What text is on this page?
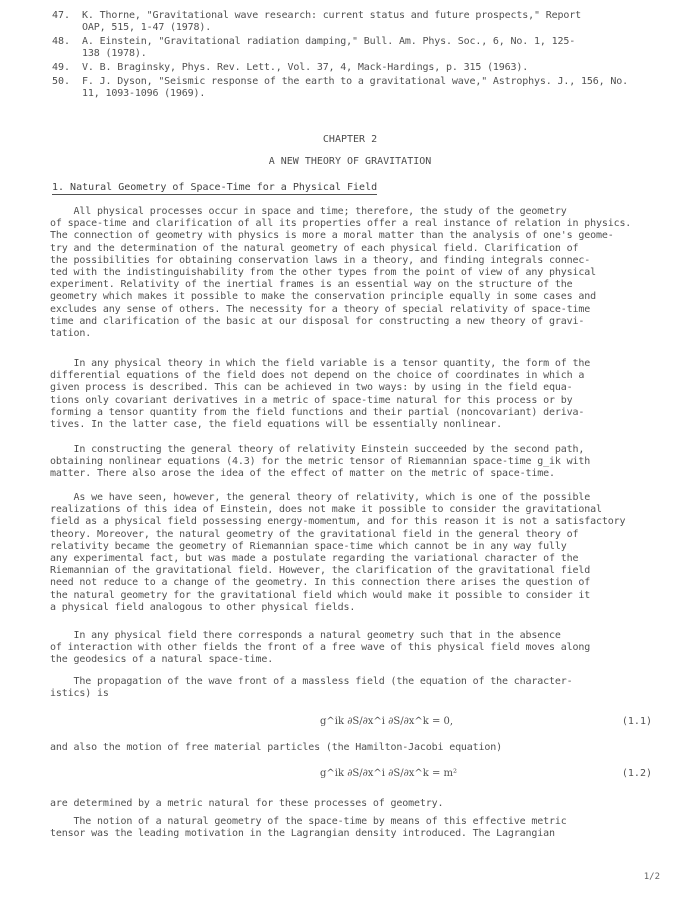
47. K. Thorne, "Gravitational wave research: current status and future prospects," Report
OAP, 515, 1-47 (1978).
48. A. Einstein, "Gravitational radiation damping," Bull. Am. Phys. Soc., 6, No. 1, 125-
138 (1978).
49. V. B. Braginsky, Phys. Rev. Lett., Vol. 37, 4, Mack-Hardings, p. 315 (1963).
50. F. J. Dyson, "Seismic response of the earth to a gravitational wave," Astrophys. J., 156, No.
11, 1093-1096 (1969).
CHAPTER 2
A NEW THEORY OF GRAVITATION
1. Natural Geometry of Space-Time for a Physical Field
All physical processes occur in space and time; therefore, the study of the geometry
of space-time and clarification of all its properties offer a real instance of relation in physics.
The connection of geometry with physics is more a moral matter than the analysis of one's geome-
try and the determination of the natural geometry of each physical field. Clarification of
the possibilities for obtaining conservation laws in a theory, and finding integrals connec-
ted with the indistinguishability from the other types from the point of view of any physical
experiment. Relativity of the inertial frames is an essential way on the structure of the
geometry which makes it possible to make the conservation principle equally in some cases and
excludes any sense of others. The necessity for a theory of special relativity of space-time
time and clarification of the basic at our disposal for constructing a new theory of gravi-
tation.
In any physical theory in which the field variable is a tensor quantity, the form of the
differential equations of the field does not depend on the choice of coordinates in which a
given process is described. This can be achieved in two ways: by using in the field equa-
tions only covariant derivatives in a metric of space-time natural for this process or by
forming a tensor quantity from the field functions and their partial (noncovariant) deriva-
tives. In the latter case, the field equations will be essentially nonlinear.
In constructing the general theory of relativity Einstein succeeded by the second path,
obtaining nonlinear equations (4.3) for the metric tensor of Riemannian space-time g_ik with
matter. There also arose the idea of the effect of matter on the metric of space-time.
As we have seen, however, the general theory of relativity, which is one of the possible
realizations of this idea of Einstein, does not make it possible to consider the gravitational
field as a physical field possessing energy-momentum, and for this reason it is not a satisfactory
theory. Moreover, the natural geometry of the gravitational field in the general theory of
relativity became the geometry of Riemannian space-time which cannot be in any way fully
any experimental fact, but was made a postulate regarding the variational character of the
Riemannian of the gravitational field. However, the clarification of the gravitational field
need not reduce to a change of the geometry. In this connection there arises the question of
the natural geometry for the gravitational field which would make it possible to consider it
a physical field analogous to other physical fields.
In any physical field there corresponds a natural geometry such that in the absence
of interaction with other fields the front of a free wave of this physical field moves along
the geodesics of a natural space-time.
The propagation of the wave front of a massless field (the equation of the character-
istics) is
g^ik ∂S/∂x^i ∂S/∂x^k = 0,	(1.1)
and also the motion of free material particles (the Hamilton-Jacobi equation)
g^ik ∂S/∂x^i ∂S/∂x^k = m²	(1.2)
are determined by a metric natural for these processes of geometry.
The notion of a natural geometry of the space-time by means of this effective metric
tensor was the leading motivation in the Lagrangian density introduced. The Lagrangian
1/2
